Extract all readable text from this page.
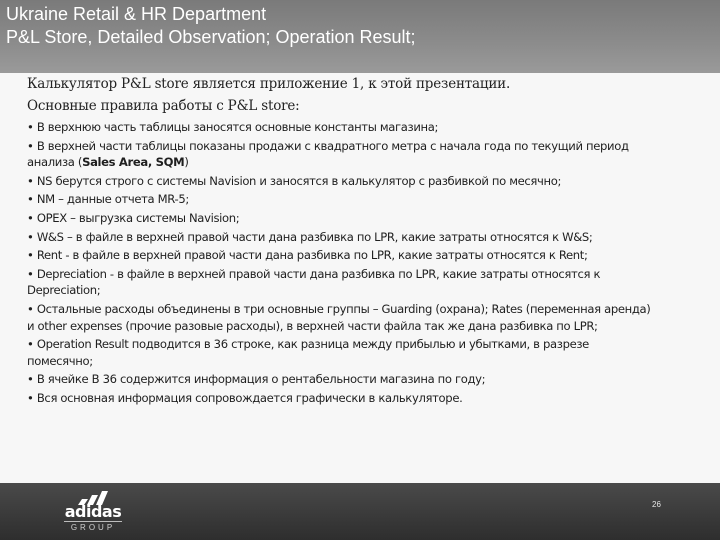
Ukraine Retail & HR Department
P&L Store, Detailed Observation; Operation Result;
Калькулятор P&L store является приложение 1, к этой презентации.
Основные правила работы с P&L store:
• В верхнюю часть таблицы заносятся основные константы магазина;
• В верхней части таблицы показаны продажи с квадратного метра с начала года по текущий период анализа (Sales Area, SQM)
• NS берутся строго с системы Navision и заносятся в калькулятор с разбивкой по месячно;
• NM – данные отчета MR-5;
• OPEX – выгрузка системы Navision;
• W&S – в файле в верхней правой части дана разбивка по LPR, какие затраты относятся к W&S;
• Rent - в файле в верхней правой части дана разбивка по LPR, какие затраты относятся к Rent;
• Depreciation - в файле в верхней правой части дана разбивка по LPR, какие затраты относятся к Depreciation;
• Остальные расходы объединены в три основные группы – Guarding (охрана); Rates (переменная аренда) и other expenses (прочие разовые расходы), в верхней части файла так же дана разбивка по LPR;
• Operation Result подводится в 36 строке, как разница между прибылью и убытками, в разрезе помесячно;
• В ячейке В 36 содержится информация о рентабельности магазина по году;
• Вся основная информация сопровождается графически в калькуляторе.
adidas
GROUP
26
